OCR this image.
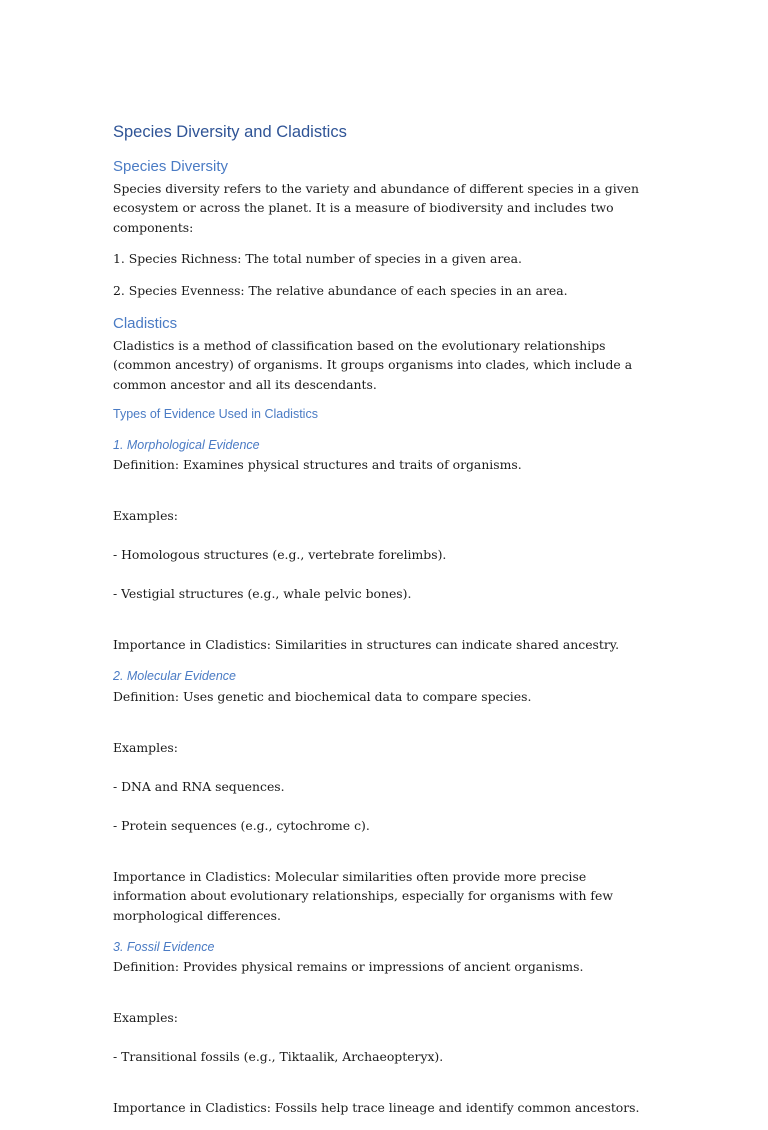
Species Diversity and Cladistics
Species Diversity

Species diversity refers to the variety and abundance of different species in a given ecosystem or across the planet. It is a measure of biodiversity and includes two components:

1. Species Richness: The total number of species in a given area.

2. Species Evenness: The relative abundance of each species in an area.

Cladistics

Cladistics is a method of classification based on the evolutionary relationships (common ancestry) of organisms. It groups organisms into clades, which include a common ancestor and all its descendants.

Types of Evidence Used in Cladistics
1. Morphological Evidence

Definition: Examines physical structures and traits of organisms.

Examples:

- Homologous structures (e.g., vertebrate forelimbs).

- Vestigial structures (e.g., whale pelvic bones).

Importance in Cladistics: Similarities in structures can indicate shared ancestry.

2. Molecular Evidence

Definition: Uses genetic and biochemical data to compare species.

Examples:

- DNA and RNA sequences.

- Protein sequences (e.g., cytochrome c).

Importance in Cladistics: Molecular similarities often provide more precise information about evolutionary relationships, especially for organisms with few morphological differences.

3. Fossil Evidence

Definition: Provides physical remains or impressions of ancient organisms.

Examples:

- Transitional fossils (e.g., Tiktaalik, Archaeopteryx).

Importance in Cladistics: Fossils help trace lineage and identify common ancestors.
